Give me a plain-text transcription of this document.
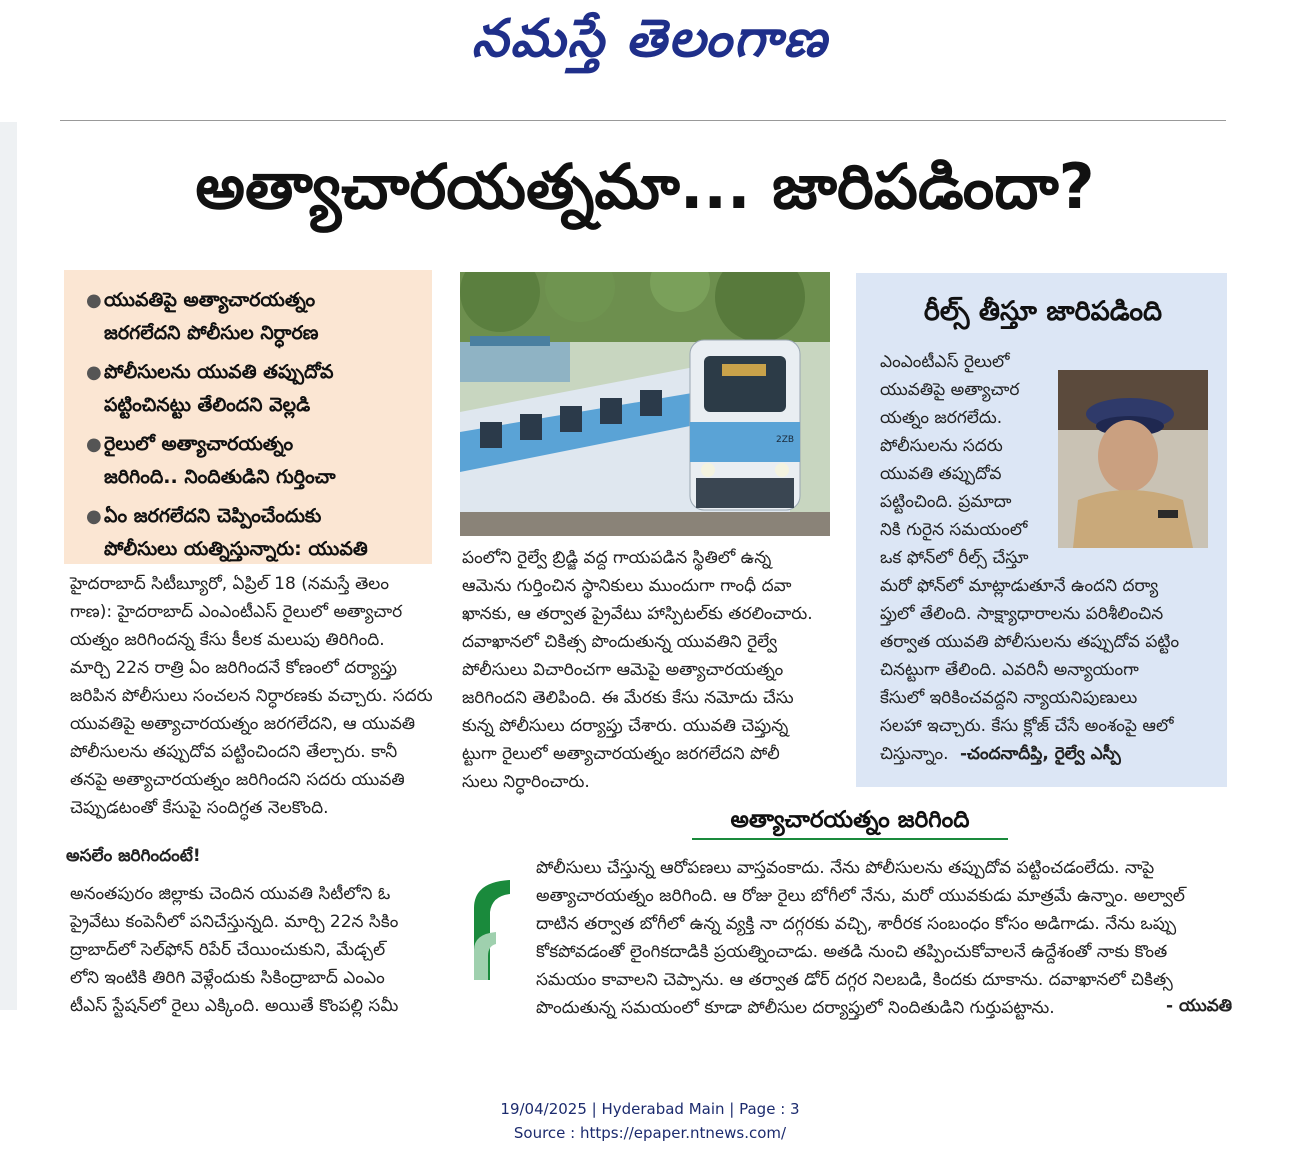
నమస్తే తెలంగాణ
అత్యాచారయత్నమా... జారిపడిందా?
● యువతిపై అత్యాచారయత్నం
జరగలేదని పోలీసుల నిర్ధారణ
● పోలీసులను యువతి తప్పుదోవ
పట్టించినట్టు తేలిందని వెల్లడి
● రైలులో అత్యాచారయత్నం
జరిగింది.. నిందితుడిని గుర్తించా
● ఏం జరగలేదని చెప్పించేందుకు
పోలీసులు యత్నిస్తున్నారు: యువతి
2ZB
రీల్స్ తీస్తూ జారిపడింది
హైదరాబాద్ సిటీబ్యూరో, ఏప్రిల్ 18 (నమస్తే తెలం
గాణ): హైదరాబాద్ ఎంఎంటీఎస్ రైలులో అత్యాచార
యత్నం జరిగిందన్న కేసు కీలక మలుపు తిరిగింది.
మార్చి 22న రాత్రి ఏం జరిగిందనే కోణంలో దర్యాప్తు
జరిపిన పోలీసులు సంచలన నిర్ధారణకు వచ్చారు. సదరు
యువతిపై అత్యాచారయత్నం జరగలేదని, ఆ యువతి
పోలీసులను తప్పుదోవ పట్టించిందని తేల్చారు. కానీ
తనపై అత్యాచారయత్నం జరిగిందని సదరు యువతి
చెప్పుడటంతో కేసుపై సందిగ్ధత నెలకొంది.
అసలేం జరిగిందంటే!
అనంతపురం జిల్లాకు చెందిన యువతి సిటీలోని ఓ
ప్రైవేటు కంపెనీలో పనిచేస్తున్నది. మార్చి 22న సికిం
ద్రాబాద్‌లో సెల్‌ఫోన్ రిపేర్ చేయించుకుని, మేడ్చల్
లోని ఇంటికి తిరిగి వెళ్లేందుకు సికింద్రాబాద్ ఎంఎం
టీఎస్ స్టేషన్‌లో రైలు ఎక్కింది. అయితే కొంపల్లి సమీ
పంలోని రైల్వే బ్రిడ్జి వద్ద గాయపడిన స్థితిలో ఉన్న
ఆమెను గుర్తించిన స్థానికులు ముందుగా గాంధీ దవా
ఖానకు, ఆ తర్వాత ప్రైవేటు హాస్పిటల్‌కు తరలించారు.
దవాఖానలో చికిత్స పొందుతున్న యువతిని రైల్వే
పోలీసులు విచారించగా ఆమెపై అత్యాచారయత్నం
జరిగిందని తెలిపింది. ఈ మేరకు కేసు నమోదు చేసు
కున్న పోలీసులు దర్యాప్తు చేశారు. యువతి చెప్తున్న
ట్టుగా రైలులో అత్యాచారయత్నం జరగలేదని పోలీ
సులు నిర్ధారించారు.
ఎంఎంటీఎస్ రైలులో
యువతిపై అత్యాచార
యత్నం జరగలేదు.
పోలీసులను సదరు
యువతి తప్పుదోవ
పట్టించింది. ప్రమాదా
నికి గురైన సమయంలో
ఒక ఫోన్‌లో రీల్స్ చేస్తూ
మరో ఫోన్‌లో మాట్లాడుతూనే ఉందని దర్యా
ప్తులో తేలింది. సాక్ష్యాధారాలను పరిశీలించిన
తర్వాత యువతి పోలీసులను తప్పుదోవ పట్టిం
చినట్టుగా తేలింది. ఎవరినీ అన్యాయంగా
కేసులో ఇరికించవద్దని న్యాయనిపుణులు
సలహా ఇచ్చారు. కేసు క్లోజ్ చేసే అంశంపై ఆలో
చిస్తున్నాం. -చందనాదీప్తి, రైల్వే ఎస్పీ
అత్యాచారయత్నం జరిగింది
పోలీసులు చేస్తున్న ఆరోపణలు వాస్తవంకాదు. నేను పోలీసులను తప్పుదోవ పట్టించడంలేదు. నాపై
అత్యాచారయత్నం జరిగింది. ఆ రోజు రైలు బోగీలో నేను, మరో యువకుడు మాత్రమే ఉన్నాం. అల్వాల్
దాటిన తర్వాత బోగీలో ఉన్న వ్యక్తి నా దగ్గరకు వచ్చి, శారీరక సంబంధం కోసం అడిగాడు. నేను ఒప్పు
కోకపోవడంతో లైంగికదాడికి ప్రయత్నించాడు. అతడి నుంచి తప్పించుకోవాలనే ఉద్దేశంతో నాకు కొంత
సమయం కావాలని చెప్పాను. ఆ తర్వాత డోర్ దగ్గర నిలబడి, కిందకు దూకాను. దవాఖానలో చికిత్స
పొందుతున్న సమయంలో కూడా పోలీసుల దర్యాప్తులో నిందితుడిని గుర్తుపట్టాను.	- యువతి
19/04/2025 | Hyderabad Main | Page : 3
Source : https://epaper.ntnews.com/
